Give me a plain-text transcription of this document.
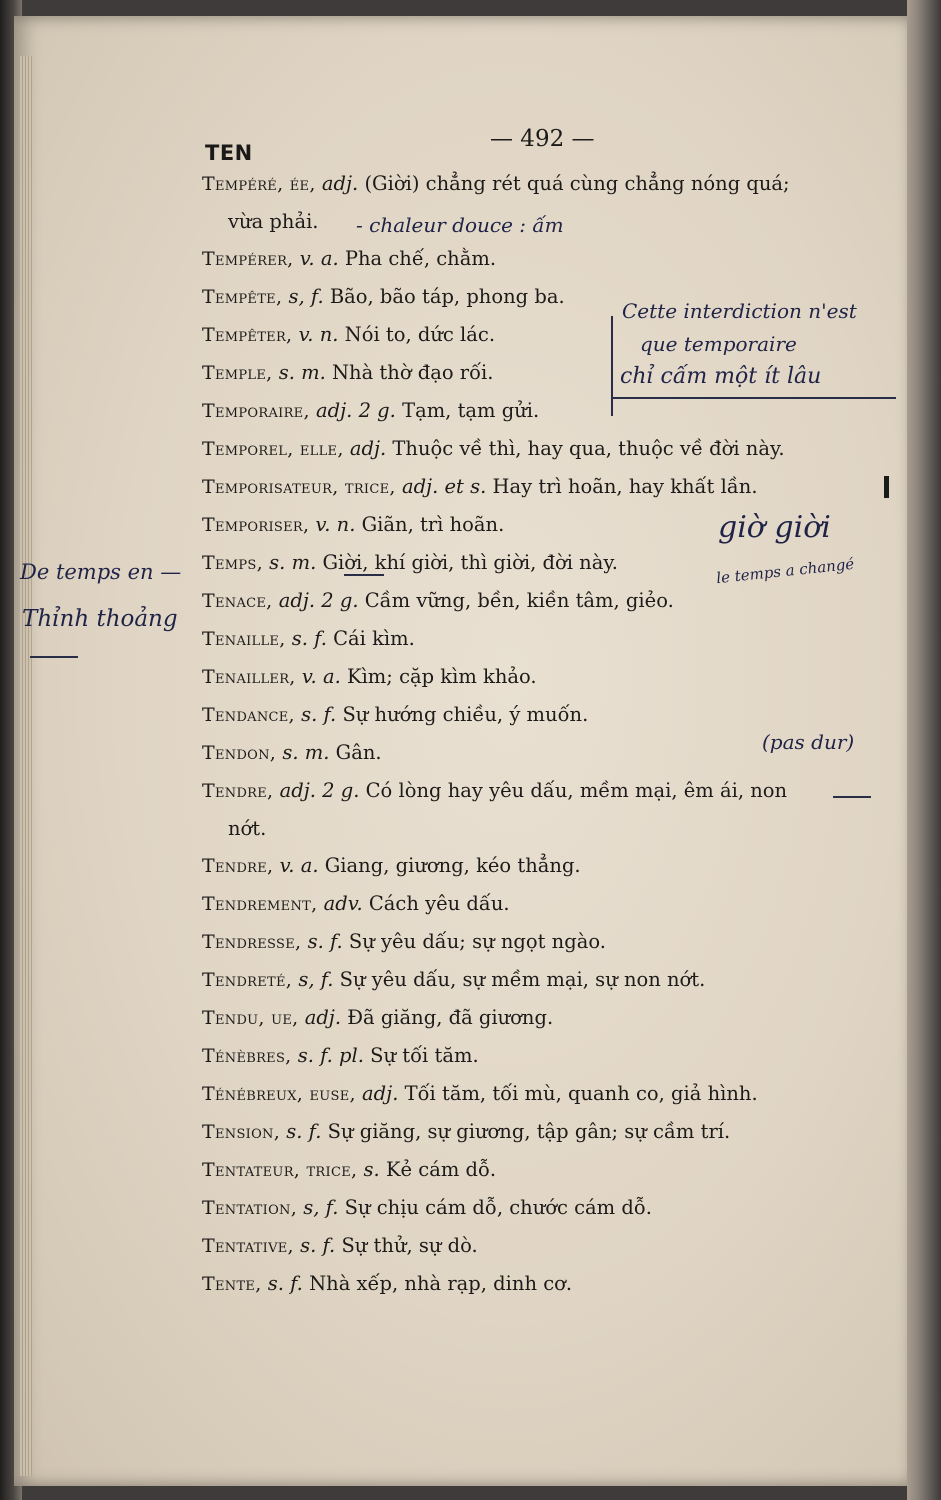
TEN
— 492 —
Tempéré, ée, adj. (Giời) chẳng rét quá cùng chẳng nóng quá;
vừa phải.
Tempérer, v. a. Pha chế, chằm.
Tempête, s, f. Bão, bão táp, phong ba.
Tempêter, v. n. Nói to, dức lác.
Temple, s. m. Nhà thờ đạo rối.
Temporaire, adj. 2 g. Tạm, tạm gửi.
Temporel, elle, adj. Thuộc về thì, hay qua, thuộc về đời này.
Temporisateur, trice, adj. et s. Hay trì hoãn, hay khất lần.
Temporiser, v. n. Giãn, trì hoãn.
Temps, s. m. Giời, khí giời, thì giời, đời này.
Tenace, adj. 2 g. Cầm vững, bền, kiền tâm, giẻo.
Tenaille, s. f. Cái kìm.
Tenailler, v. a. Kìm; cặp kìm khảo.
Tendance, s. f. Sự hướng chiều, ý muốn.
Tendon, s. m. Gân.
Tendre, adj. 2 g. Có lòng hay yêu dấu, mềm mại, êm ái, non
nớt.
Tendre, v. a. Giang, giương, kéo thẳng.
Tendrement, adv. Cách yêu dấu.
Tendresse, s. f. Sự yêu dấu; sự ngọt ngào.
Tendreté, s, f. Sự yêu dấu, sự mềm mại, sự non nớt.
Tendu, ue, adj. Đã giăng, đã giương.
Ténèbres, s. f. pl. Sự tối tăm.
Ténébreux, euse, adj. Tối tăm, tối mù, quanh co, giả hình.
Tension, s. f. Sự giăng, sự giương, tập gân; sự cầm trí.
Tentateur, trice, s. Kẻ cám dỗ.
Tentation, s, f. Sự chịu cám dỗ, chước cám dỗ.
Tentative, s. f. Sự thử, sự dò.
Tente, s. f. Nhà xếp, nhà rạp, dinh cơ.
- chaleur douce : ấm
Cette interdiction n'est
que temporaire
chỉ cấm một ít lâu
giờ giời
le temps a changé
De temps en —
Thỉnh thoảng
(pas dur)
